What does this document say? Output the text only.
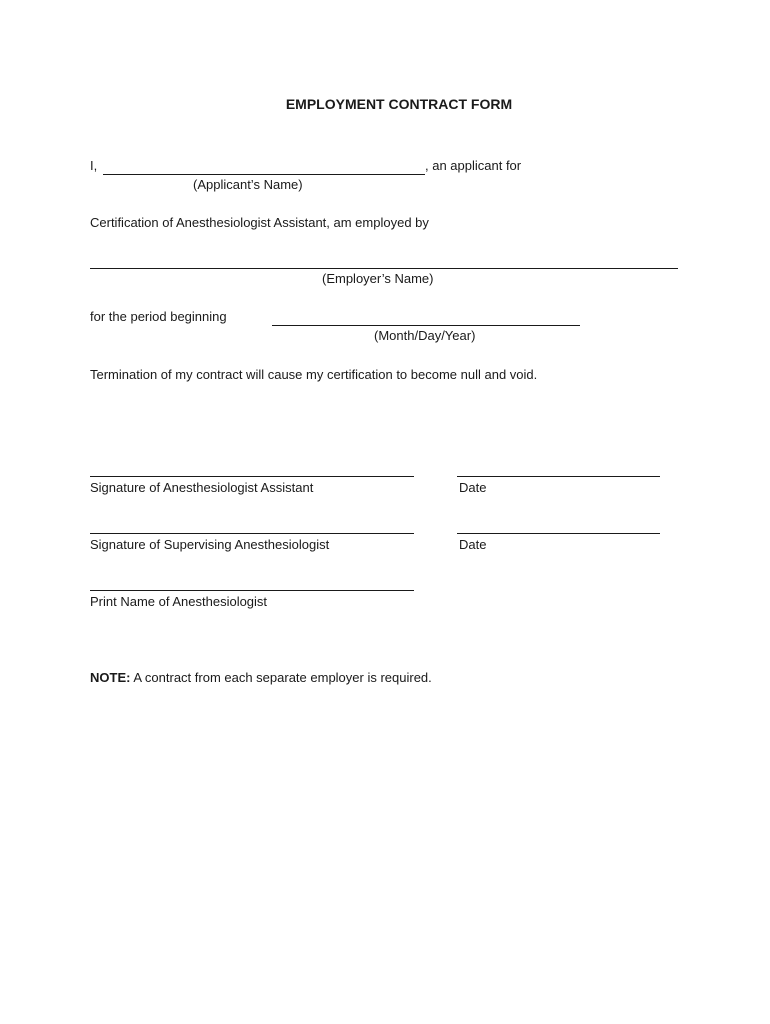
EMPLOYMENT CONTRACT FORM
I,	, an applicant for
(Applicant’s Name)
Certification of Anesthesiologist Assistant, am employed by
(Employer’s Name)
for the period beginning
(Month/Day/Year)
Termination of my contract will cause my certification to become null and void.
Signature of Anesthesiologist Assistant	Date
Signature of Supervising Anesthesiologist	Date
Print Name of Anesthesiologist
NOTE: A contract from each separate employer is required.
